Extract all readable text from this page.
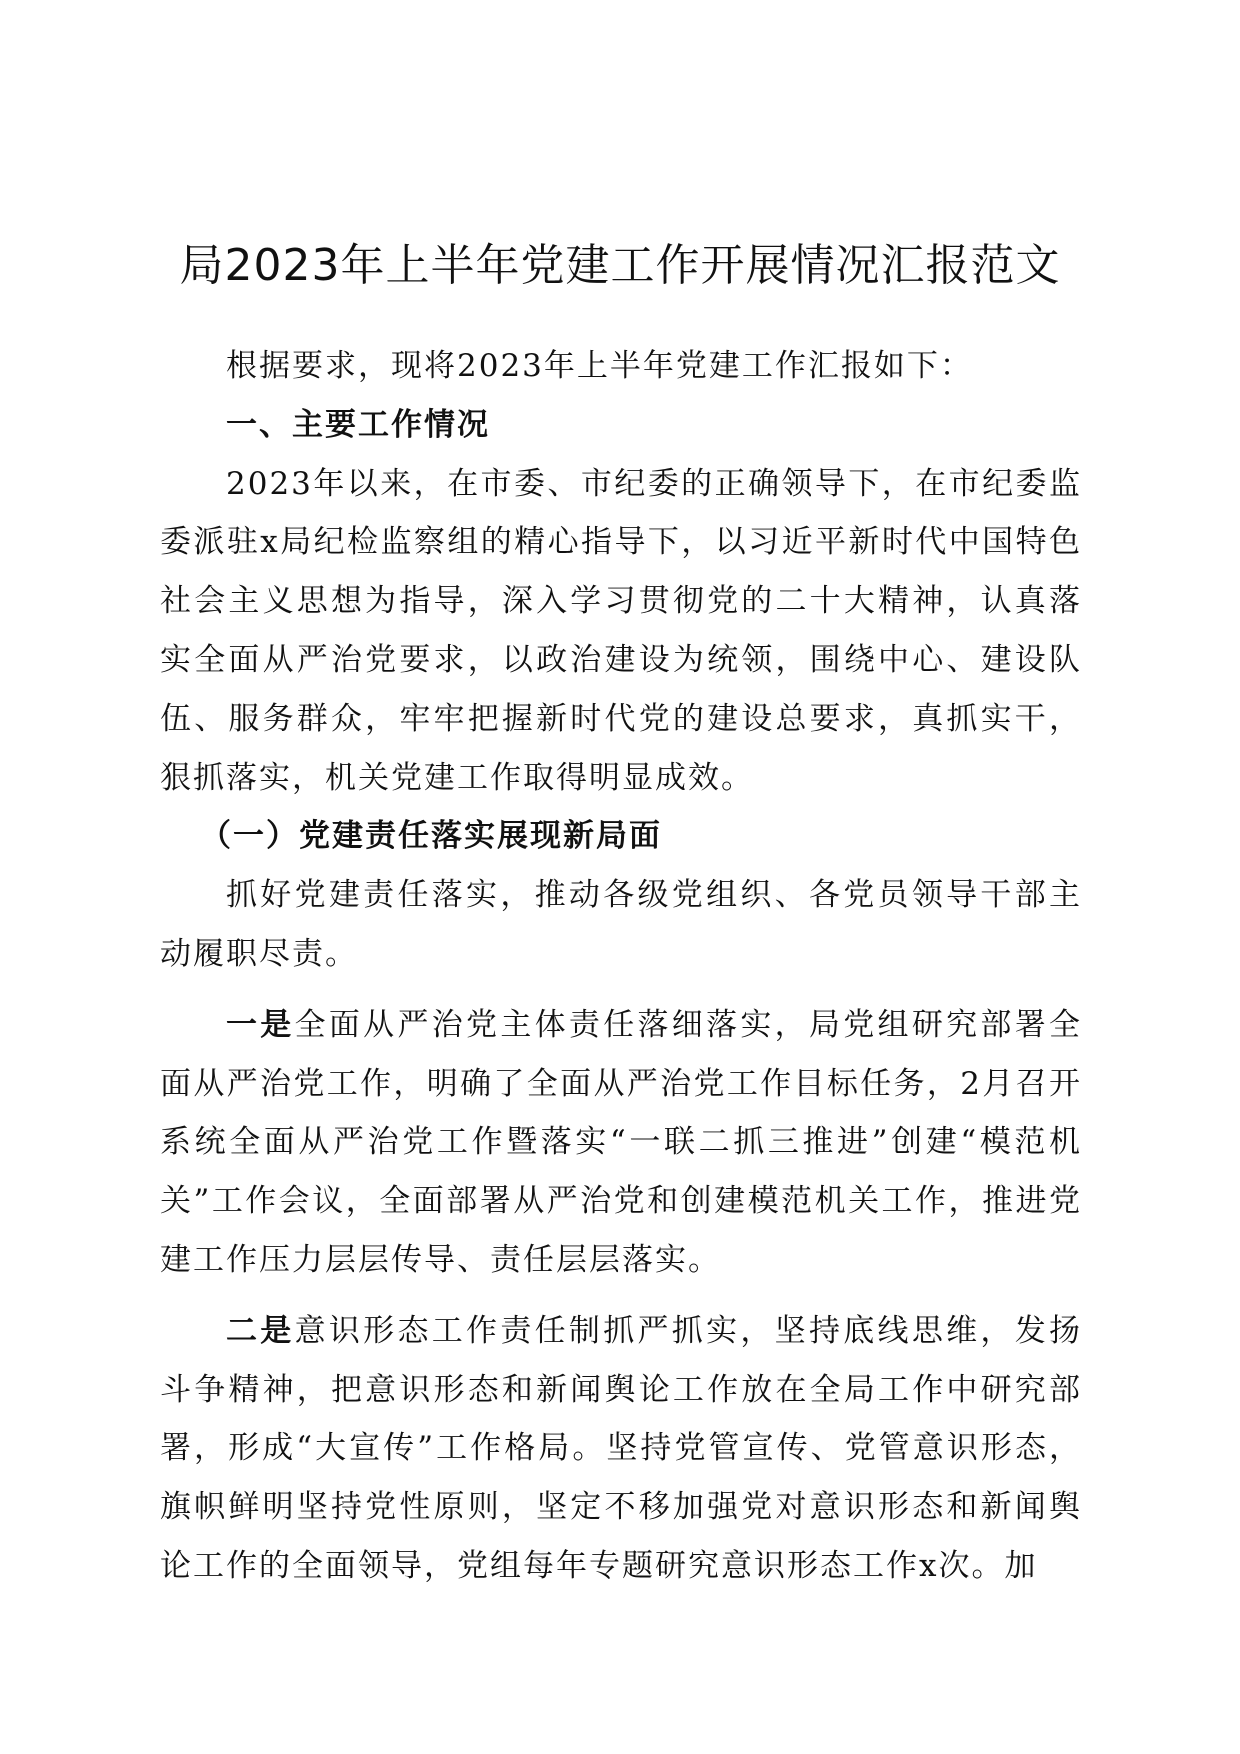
局2023年上半年党建工作开展情况汇报范文

根据要求，现将2023年上半年党建工作汇报如下：

一、主要工作情况

2023年以来，在市委、市纪委的正确领导下，在市纪委监委派驻x局纪检监察组的精心指导下，以习近平新时代中国特色社会主义思想为指导，深入学习贯彻党的二十大精神，认真落实全面从严治党要求，以政治建设为统领，围绕中心、建设队伍、服务群众，牢牢把握新时代党的建设总要求，真抓实干，狠抓落实，机关党建工作取得明显成效。

（一）党建责任落实展现新局面

抓好党建责任落实，推动各级党组织、各党员领导干部主动履职尽责。

一是全面从严治党主体责任落细落实，局党组研究部署全面从严治党工作，明确了全面从严治党工作目标任务，2月召开系统全面从严治党工作暨落实“一联二抓三推进”创建“模范机关”工作会议，全面部署从严治党和创建模范机关工作，推进党建工作压力层层传导、责任层层落实。

二是意识形态工作责任制抓严抓实，坚持底线思维，发扬斗争精神，把意识形态和新闻舆论工作放在全局工作中研究部署，形成“大宣传”工作格局。坚持党管宣传、党管意识形态，旗帜鲜明坚持党性原则，坚定不移加强党对意识形态和新闻舆论工作的全面领导，党组每年专题研究意识形态工作x次。加
